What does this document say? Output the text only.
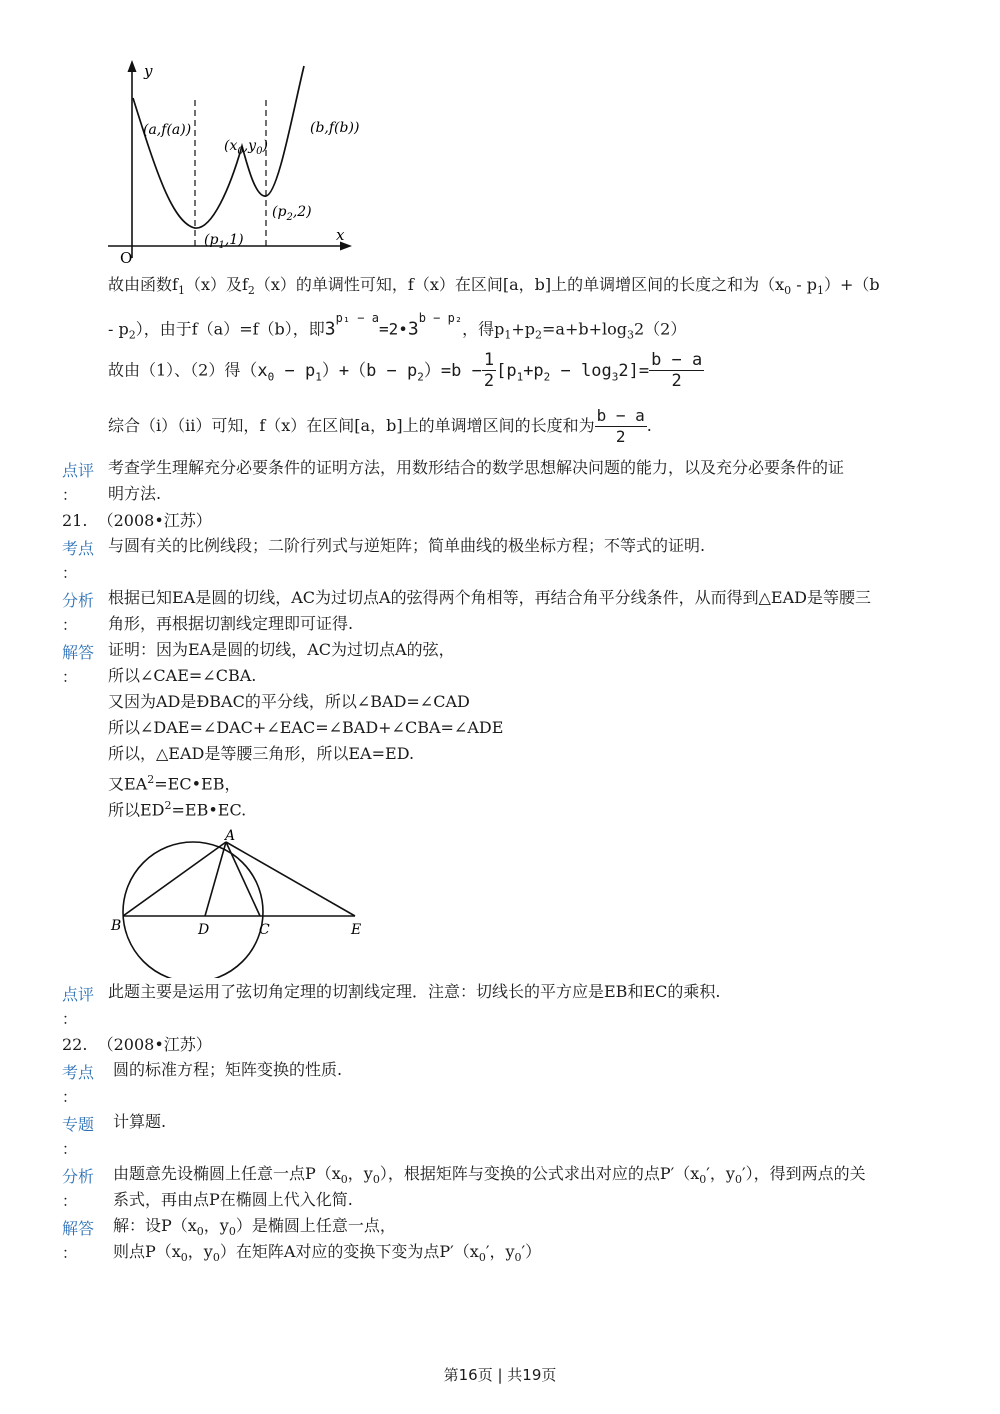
y
x
O
(a,f(a))	(b,f(b))
$(x_0,y_0)$
$(p_1,1)$
$(p_2,2)$
故由函数$f_1(x)$及$f_2(x)$的单调性可知，f（x）在区间[a，b]上的单调增区间的长度之和为$(x_0 - p_1)+(b$
- $p_2$），由于f（a）=f（b），即$3^{p_1 - a}=2•3^{b - p_2}$，得$p_1+p_2=a+b+\log_32(2)$
故由（1）、（2）得$(x_0 - p_1)+(b - p_2)=b - \frac{1}{2} [p_1+p_2 - \log_32]= \frac{b - a}{2}$
综合（i）（ii）可知，f（x）在区间[a，b]上的单调增区间的长度和为 $\frac{b - a}{2}$ .
点评
：
考查学生理解充分必要条件的证明方法，用数形结合的数学思想解决问题的能力，以及充分必要条件的证
明方法.
21. （2008•江苏）
考点
：
与圆有关的比例线段；二阶行列式与逆矩阵；简单曲线的极坐标方程；不等式的证明.
分析
：
根据已知EA是圆的切线，AC为过切点A的弦得两个角相等，再结合角平分线条件，从而得到△EAD是等腰三
角形，再根据切割线定理即可证得.
解答
：
证明：因为EA是圆的切线，AC为过切点A的弦，
所以∠CAE=∠CBA.
又因为AD是ÐBAC的平分线，所以∠BAD=∠CAD
所以∠DAE=∠DAC+∠EAC=∠BAD+∠CBA=∠ADE
所以，△EAD是等腰三角形，所以EA=ED.
又$EA^2=EC•EB$，
所以$ED^2=EB•EC$.
A
B	D	C	E
点评
：
此题主要是运用了弦切角定理的切割线定理．注意：切线长的平方应是EB和EC的乘积.
22. （2008•江苏）
考点
：
圆的标准方程；矩阵变换的性质.
专题
：
计算题.
分析
：
由题意先设椭圆上任意一点$P(x_0$，$y_0$），根据矩阵与变换的公式求出对应的点$P'(x_0'$，$y_0'$），得到两点的关
系式，再由点P在椭圆上代入化简.
解答
：
解：设$P(x_0$，$y_0$）是椭圆上任意一点，
则点$P(x_0$，$y_0$）在矩阵A对应的变换下变为点$P'(x_0'$，$y_0'$）
第16页 | 共19页
